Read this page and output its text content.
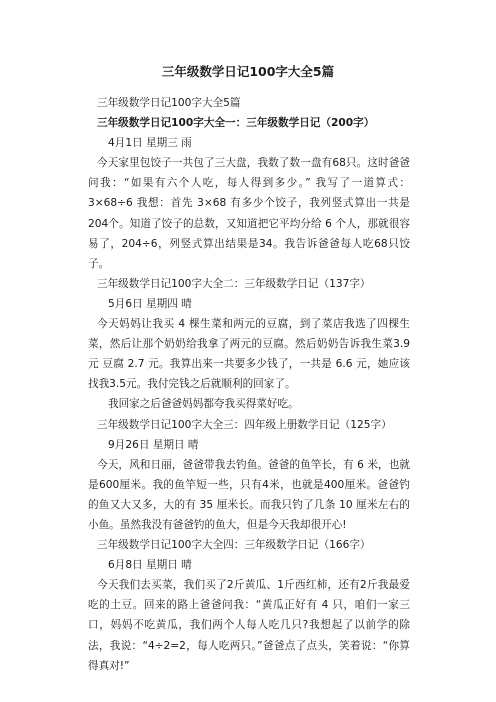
三年级数学日记100字大全5篇
三年级数学日记100字大全5篇
三年级数学日记100字大全一：三年级数学日记（200字）
4月1日 星期三 雨
今天家里包饺子一共包了三大盘，我数了数一盘有68只。这时爸爸问我：“如果有六个人吃，每人得到多少。” 我写了一道算式：3×68÷6 我想：首先 3×68 有多少个饺子，我列竖式算出一共是 204个。知道了饺子的总数，又知道把它平均分给 6 个人，那就很容易了，204÷6，列竖式算出结果是34。我告诉爸爸每人吃68只饺子。
三年级数学日记100字大全二：三年级数学日记（137字）
5月6日 星期四 晴
今天妈妈让我买 4 棵生菜和两元的豆腐，到了菜店我选了四棵生菜，然后让那个奶奶给我拿了两元的豆腐。然后奶奶告诉我生菜3.9元 豆腐 2.7 元。我算出来一共要多少钱了，一共是 6.6 元，她应该找我3.5元。我付完钱之后就顺利的回家了。
我回家之后爸爸妈妈都夸我买得菜好吃。
三年级数学日记100字大全三：四年级上册数学日记（125字）
9月26日 星期日 晴
今天，风和日丽，爸爸带我去钓鱼。爸爸的鱼竿长，有 6 米，也就是600厘米。我的鱼竿短一些，只有4米，也就是400厘米。爸爸钓的鱼又大又多，大的有 35 厘米长。而我只钓了几条 10 厘米左右的小鱼。虽然我没有爸爸钓的鱼大，但是今天我却很开心!
三年级数学日记100字大全四：三年级数学日记（166字）
6月8日 星期日 晴
今天我们去买菜，我们买了2斤黄瓜、1斤西红柿，还有2斤我最爱吃的土豆。回来的路上爸爸问我：“黄瓜正好有 4 只，咱们一家三口，妈妈不吃黄瓜，我们两个人每人吃几只?我想起了以前学的除法，我说：“4÷2=2，每人吃两只。”爸爸点了点头，笑着说：“你算得真对!”
